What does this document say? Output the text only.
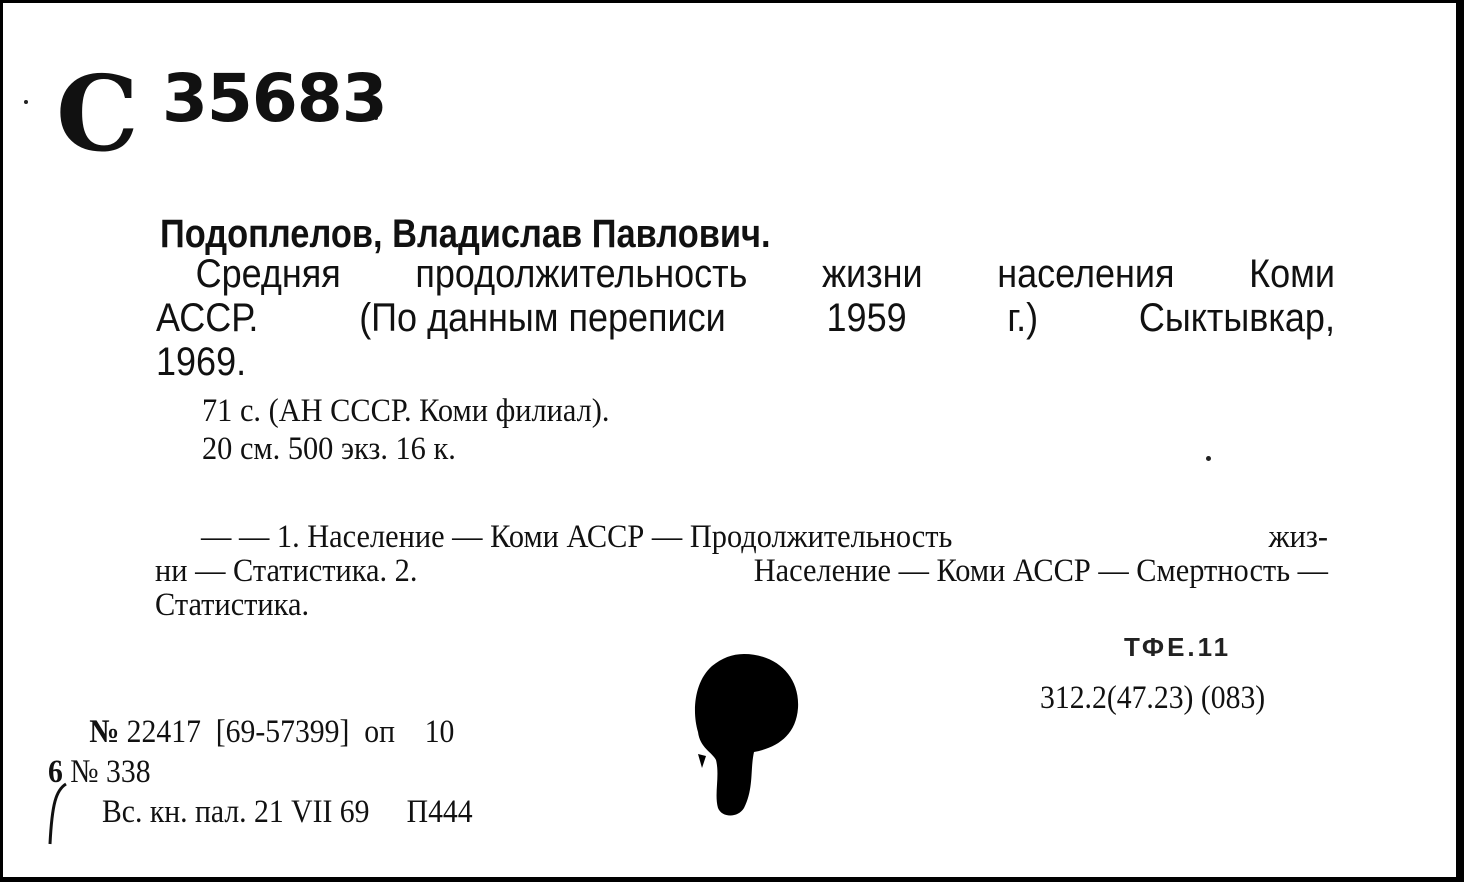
С 35683
Подоплелов, Владислав Павлович.
Средняя продолжительность жизни населения Коми
АССР.	(По данным переписи	1959	г.)	Сыктывкар,
1969.
71 с. (АН СССР. Коми филиал).
20 см. 500 экз. 16 к.
— — 1. Население — Коми АССР — Продолжительность	жиз-
ни — Статистика. 2.	Население — Коми АССР — Смертность —
Статистика.
ТФЕ.11
312.2(47.23) (083)
№ 22417  [69-57399]  оп    10
6 № 338
Вс. кн. пал. 21 VII 69     П444
